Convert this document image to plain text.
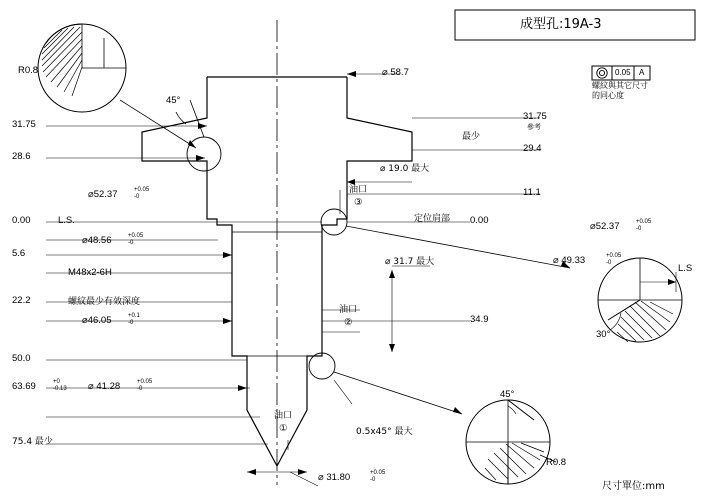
成型孔:19A-3
0.05 A
螺紋與其它尺寸
的同心度
31.75
28.6
0.00	L.S.
5.6
22.2
50.0
63.69	+0
-0.13
75.4 最少
31.75
參考
最少
29.4
11.1
0.00
34.9
⌀ 58.7
⌀52.37	+0.05
-0
⌀48.56	+0.05
-0
⌀46.05	+0.1
-0
⌀ 41.28	+0.05
-0
⌀ 31.80	+0.05
-0
⌀ 19.0 最大
⌀ 31.7 最大
⌀52.37	+0.05
-0
⌀ 49.33	+0.05
-0
M48x2-6H
螺紋最少有效深度
油口
③
油口
②
油口
①
定位肩部
0.5x45° 最大
45°
45°
30°
R0.8
R0.8
L.S
尺寸單位:mm
